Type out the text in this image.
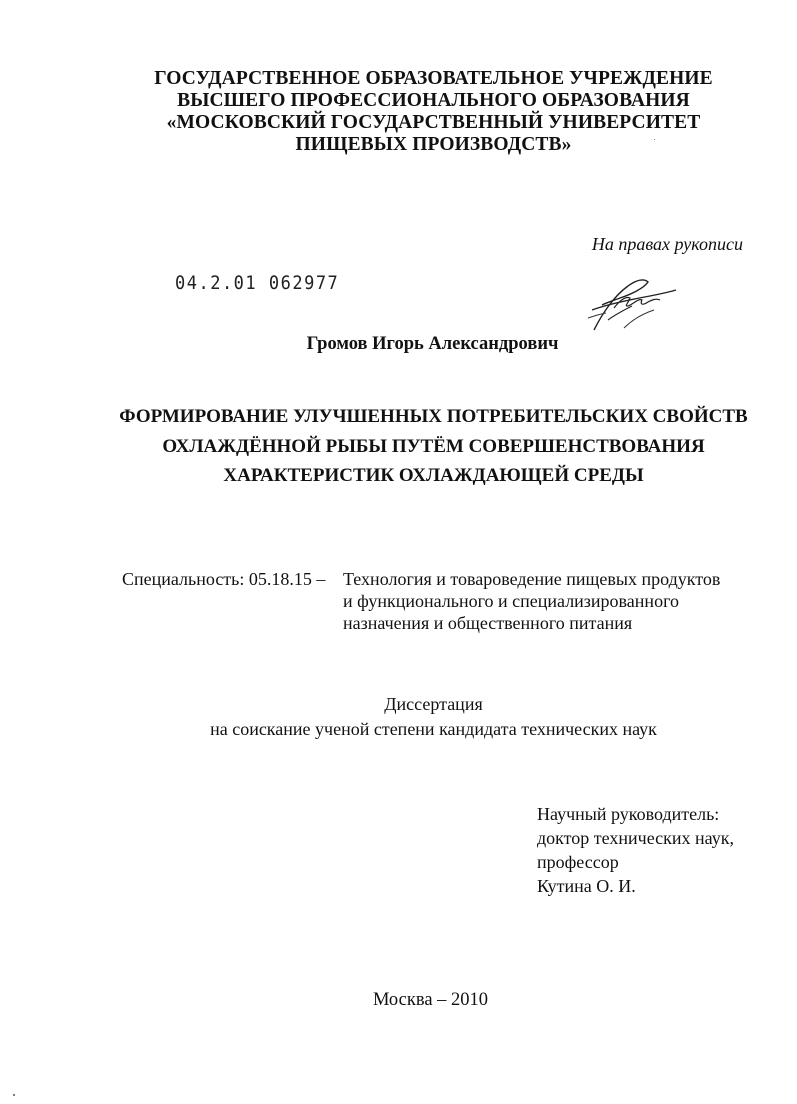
ГОСУДАРСТВЕННОЕ ОБРАЗОВАТЕЛЬНОЕ УЧРЕЖДЕНИЕ
ВЫСШЕГО ПРОФЕССИОНАЛЬНОГО ОБРАЗОВАНИЯ
«МОСКОВСКИЙ ГОСУДАРСТВЕННЫЙ УНИВЕРСИТЕТ
ПИЩЕВЫХ ПРОИЗВОДСТВ»
На правах рукописи
04.2.01 062977
Громов Игорь Александрович
ФОРМИРОВАНИЕ УЛУЧШЕННЫХ ПОТРЕБИТЕЛЬСКИХ СВОЙСТВ
ОХЛАЖДЁННОЙ РЫБЫ ПУТЁМ СОВЕРШЕНСТВОВАНИЯ
ХАРАКТЕРИСТИК ОХЛАЖДАЮЩЕЙ СРЕДЫ
Специальность: 05.18.15 – Технология и товароведение пищевых продуктов
и функционального и специализированного
назначения и общественного питания
Диссертация
на соискание ученой степени кандидата технических наук
Научный руководитель:
доктор технических наук,
профессор
Кутина О. И.
Москва – 2010
